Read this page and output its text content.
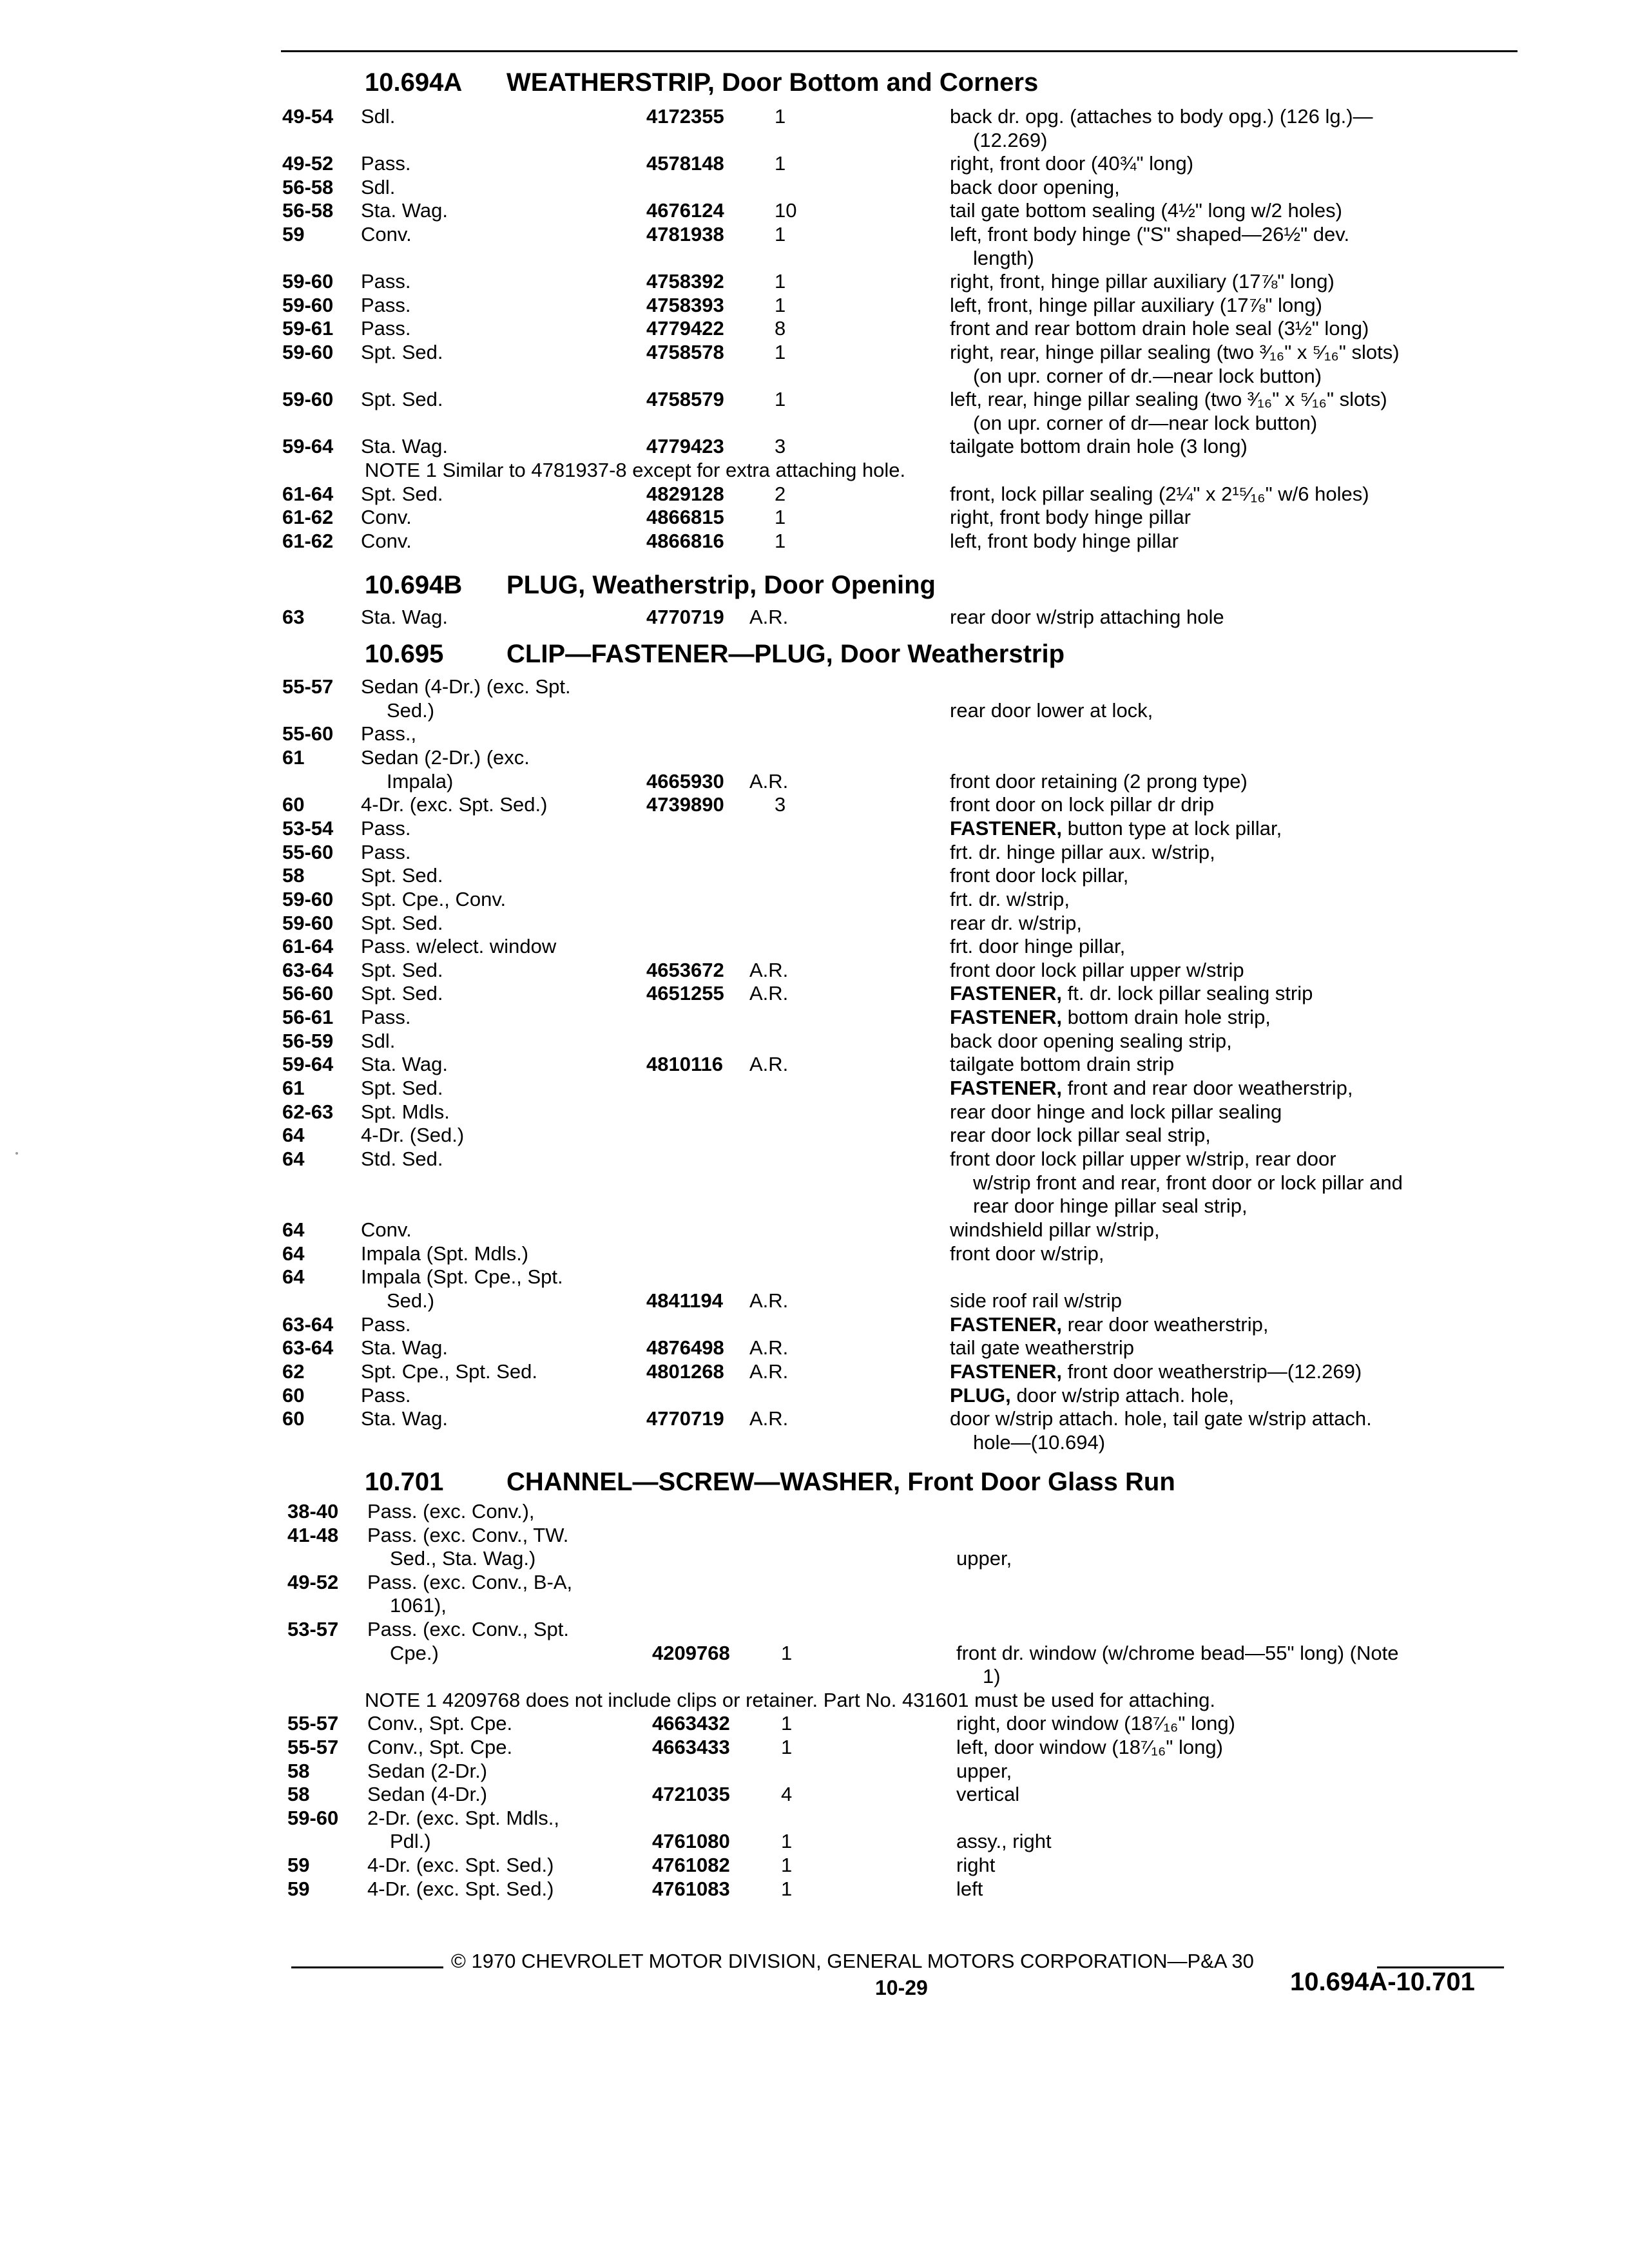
10.694A WEATHERSTRIP, Door Bottom and Corners
10.694B PLUG, Weatherstrip, Door Opening
10.695 CLIP—FASTENER—PLUG, Door Weatherstrip
10.701 CHANNEL—SCREW—WASHER, Front Door Glass Run
49-54 Sdl.	4172355	1	back dr. opg. (attaches to body opg.) (126 lg.)—
(12.269)
49-52 Pass.	4578148	1	right, front door (40¾" long)
56-58 Sdl.	back door opening,
56-58 Sta. Wag.	4676124	10	tail gate bottom sealing (4½" long w/2 holes)
59	Conv.	4781938	1	left, front body hinge ("S" shaped—26½" dev.
length)
59-60 Pass.	4758392	1	right, front, hinge pillar auxiliary (17⅞" long)
59-60 Pass.	4758393	1	left, front, hinge pillar auxiliary (17⅞" long)
59-61 Pass.	4779422	8	front and rear bottom drain hole seal (3½" long)
59-60 Spt. Sed.	4758578	1	right, rear, hinge pillar sealing (two ³⁄₁₆" x ⁵⁄₁₆" slots)
(on upr. corner of dr.—near lock button)
59-60 Spt. Sed.	4758579	1	left, rear, hinge pillar sealing (two ³⁄₁₆" x ⁵⁄₁₆" slots)
(on upr. corner of dr—near lock button)
59-64 Sta. Wag.	4779423	3	tailgate bottom drain hole (3 long)
NOTE 1 Similar to 4781937-8 except for extra attaching hole.
61-64 Spt. Sed.	4829128	2	front, lock pillar sealing (2¼" x 2¹⁵⁄₁₆" w/6 holes)
61-62 Conv.	4866815	1	right, front body hinge pillar
61-62 Conv.	4866816	1	left, front body hinge pillar
63	Sta. Wag.	4770719 A.R.	rear door w/strip attaching hole
55-57 Sedan (4-Dr.) (exc. Spt.
Sed.)	rear door lower at lock,
55-60 Pass.,
61	Sedan (2-Dr.) (exc.
Impala)	4665930 A.R.	front door retaining (2 prong type)
60	4-Dr. (exc. Spt. Sed.)	4739890	3	front door on lock pillar dr drip
53-54 Pass.	FASTENER, button type at lock pillar,
55-60 Pass.	frt. dr. hinge pillar aux. w/strip,
58	Spt. Sed.	front door lock pillar,
59-60 Spt. Cpe., Conv.	frt. dr. w/strip,
59-60 Spt. Sed.	rear dr. w/strip,
61-64 Pass. w/elect. window	frt. door hinge pillar,
63-64 Spt. Sed.	4653672 A.R.	front door lock pillar upper w/strip
56-60 Spt. Sed.	4651255 A.R.	FASTENER, ft. dr. lock pillar sealing strip
56-61 Pass.	FASTENER, bottom drain hole strip,
56-59 Sdl.	back door opening sealing strip,
59-64 Sta. Wag.	4810116 A.R.	tailgate bottom drain strip
61	Spt. Sed.	FASTENER, front and rear door weatherstrip,
62-63 Spt. Mdls.	rear door hinge and lock pillar sealing
64	4-Dr. (Sed.)	rear door lock pillar seal strip,
64	Std. Sed.	front door lock pillar upper w/strip, rear door
w/strip front and rear, front door or lock pillar and
rear door hinge pillar seal strip,
64	Conv.	windshield pillar w/strip,
64	Impala (Spt. Mdls.)	front door w/strip,
64	Impala (Spt. Cpe., Spt.
Sed.)	4841194 A.R.	side roof rail w/strip
63-64 Pass.	FASTENER, rear door weatherstrip,
63-64 Sta. Wag.	4876498 A.R.	tail gate weatherstrip
62	Spt. Cpe., Spt. Sed.	4801268 A.R.	FASTENER, front door weatherstrip—(12.269)
60	Pass.	PLUG, door w/strip attach. hole,
60	Sta. Wag.	4770719 A.R.	door w/strip attach. hole, tail gate w/strip attach.
hole—(10.694)
38-40 Pass. (exc. Conv.),
41-48 Pass. (exc. Conv., TW.
Sed., Sta. Wag.)	upper,
49-52 Pass. (exc. Conv., B-A,
1061),
53-57 Pass. (exc. Conv., Spt.
Cpe.)	4209768	1	front dr. window (w/chrome bead—55" long) (Note
1)
NOTE 1 4209768 does not include clips or retainer. Part No. 431601 must be used for attaching.
55-57 Conv., Spt. Cpe.	4663432	1	right, door window (18⁷⁄₁₆" long)
55-57 Conv., Spt. Cpe.	4663433	1	left, door window (18⁷⁄₁₆" long)
58	Sedan (2-Dr.)	upper,
58	Sedan (4-Dr.)	4721035	4	vertical
59-60 2-Dr. (exc. Spt. Mdls.,
Pdl.)	4761080	1	assy., right
59	4-Dr. (exc. Spt. Sed.)	4761082	1	right
59	4-Dr. (exc. Spt. Sed.)	4761083	1	left
© 1970 CHEVROLET MOTOR DIVISION, GENERAL MOTORS CORPORATION—P&A 30
10-29	10.694A-10.701
